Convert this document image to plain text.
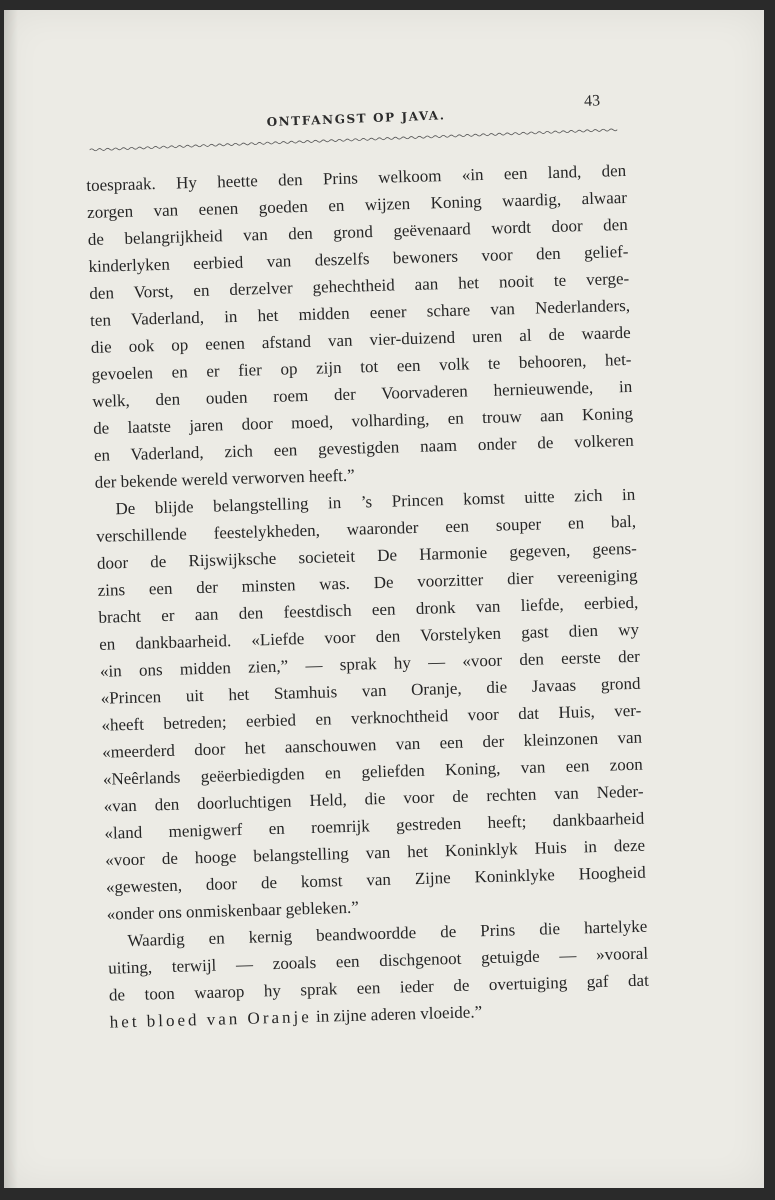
ONTFANGST OP JAVA.
43
toespraak. Hy heette den Prins welkoom «in een land, den
zorgen van eenen goeden en wijzen Koning waardig, alwaar
de belangrijkheid van den grond geëvenaard wordt door den
kinderlyken eerbied van deszelfs bewoners voor den gelief-
den Vorst, en derzelver gehechtheid aan het nooit te verge-
ten Vaderland, in het midden eener schare van Nederlanders,
die ook op eenen afstand van vier-duizend uren al de waarde
gevoelen en er fier op zijn tot een volk te behooren, het-
welk, den ouden roem der Voorvaderen hernieuwende, in
de laatste jaren door moed, volharding, en trouw aan Koning
en Vaderland, zich een gevestigden naam onder de volkeren
der bekende wereld verworven heeft.”
De blijde belangstelling in ’s Princen komst uitte zich in
verschillende feestelykheden, waaronder een souper en bal,
door de Rijswijksche societeit De Harmonie gegeven, geens-
zins een der minsten was. De voorzitter dier vereeniging
bracht er aan den feestdisch een dronk van liefde, eerbied,
en dankbaarheid. «Liefde voor den Vorstelyken gast dien wy
«in ons midden zien,” — sprak hy — «voor den eerste der
«Princen uit het Stamhuis van Oranje, die Javaas grond
«heeft betreden; eerbied en verknochtheid voor dat Huis, ver-
«meerderd door het aanschouwen van een der kleinzonen van
«Neêrlands geëerbiedigden en geliefden Koning, van een zoon
«van den doorluchtigen Held, die voor de rechten van Neder-
«land menigwerf en roemrijk gestreden heeft; dankbaarheid
«voor de hooge belangstelling van het Koninklyk Huis in deze
«gewesten, door de komst van Zijne Koninklyke Hoogheid
«onder ons onmiskenbaar gebleken.”
Waardig en kernig beandwoordde de Prins die hartelyke
uiting, terwijl — zooals een dischgenoot getuigde — »vooral
de toon waarop hy sprak een ieder de overtuiging gaf dat
het bloed van Oranje in zijne aderen vloeide.”
